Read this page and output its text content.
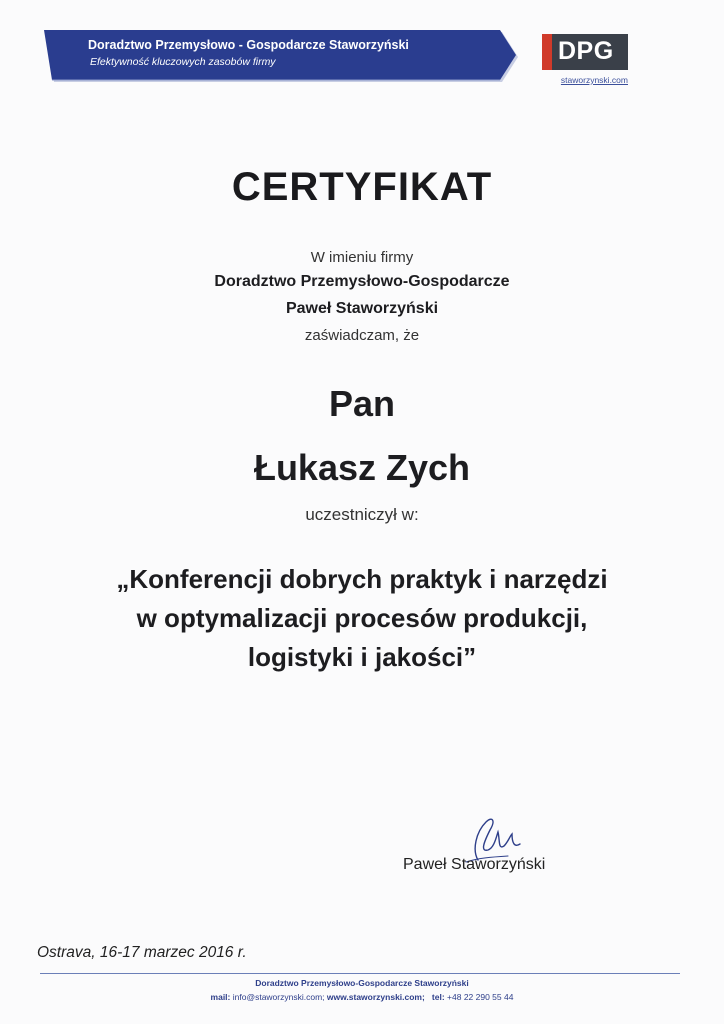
Doradztwo Przemysłowo - Gospodarcze Staworzyński
Efektywność kluczowych zasobów firmy	DPG
staworzynski.com
CERTYFIKAT
W imieniu firmy
Doradztwo Przemysłowo-Gospodarcze
Paweł Staworzyński
zaświadczam, że
Pan
Łukasz Zych
uczestniczył w:
„Konferencji dobrych praktyk i narzędzi
w optymalizacji procesów produkcji,
logistyki i jakości”
Paweł Staworzyński
Ostrava, 16-17 marzec 2016 r.
Doradztwo Przemysłowo-Gospodarcze Staworzyński
mail: info@staworzynski.com; www.staworzynski.com; tel: +48 22 290 55 44
